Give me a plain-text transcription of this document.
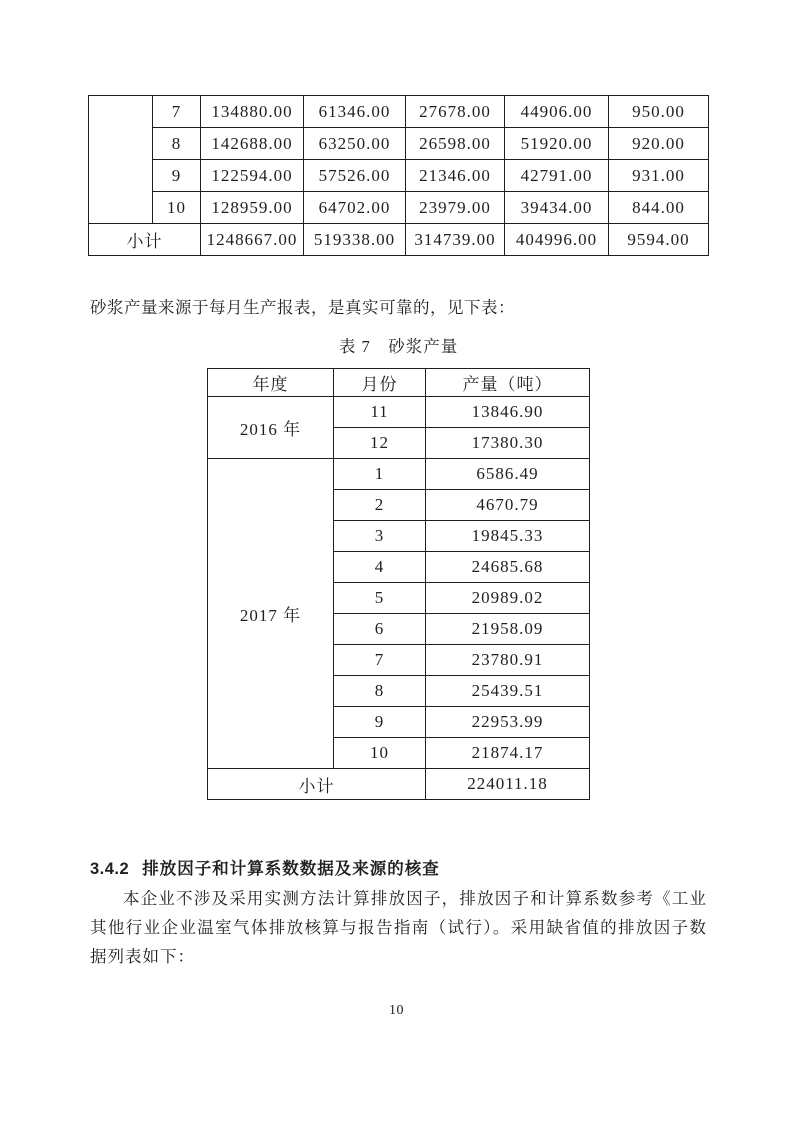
	7	134880.00	61346.00	27678.00	44906.00	950.00
	8	142688.00	63250.00	26598.00	51920.00	920.00
	9	122594.00	57526.00	21346.00	42791.00	931.00
	10	128959.00	64702.00	23979.00	39434.00	844.00
小计		1248667.00	519338.00	314739.00	404996.00	9594.00
砂浆产量来源于每月生产报表，是真实可靠的，见下表：
表 7　砂浆产量
年度	月份	产量（吨）
2016 年	11	13846.90
	12	17380.30
2017 年	1	6586.49
	2	4670.79
	3	19845.33
	4	24685.68
	5	20989.02
	6	21958.09
	7	23780.91
	8	25439.51
	9	22953.99
	10	21874.17
小计		224011.18
3.4.2 排放因子和计算系数数据及来源的核查
本企业不涉及采用实测方法计算排放因子，排放因子和计算系数参考《工业
其他行业企业温室气体排放核算与报告指南（试行）。采用缺省值的排放因子数
据列表如下：
10
